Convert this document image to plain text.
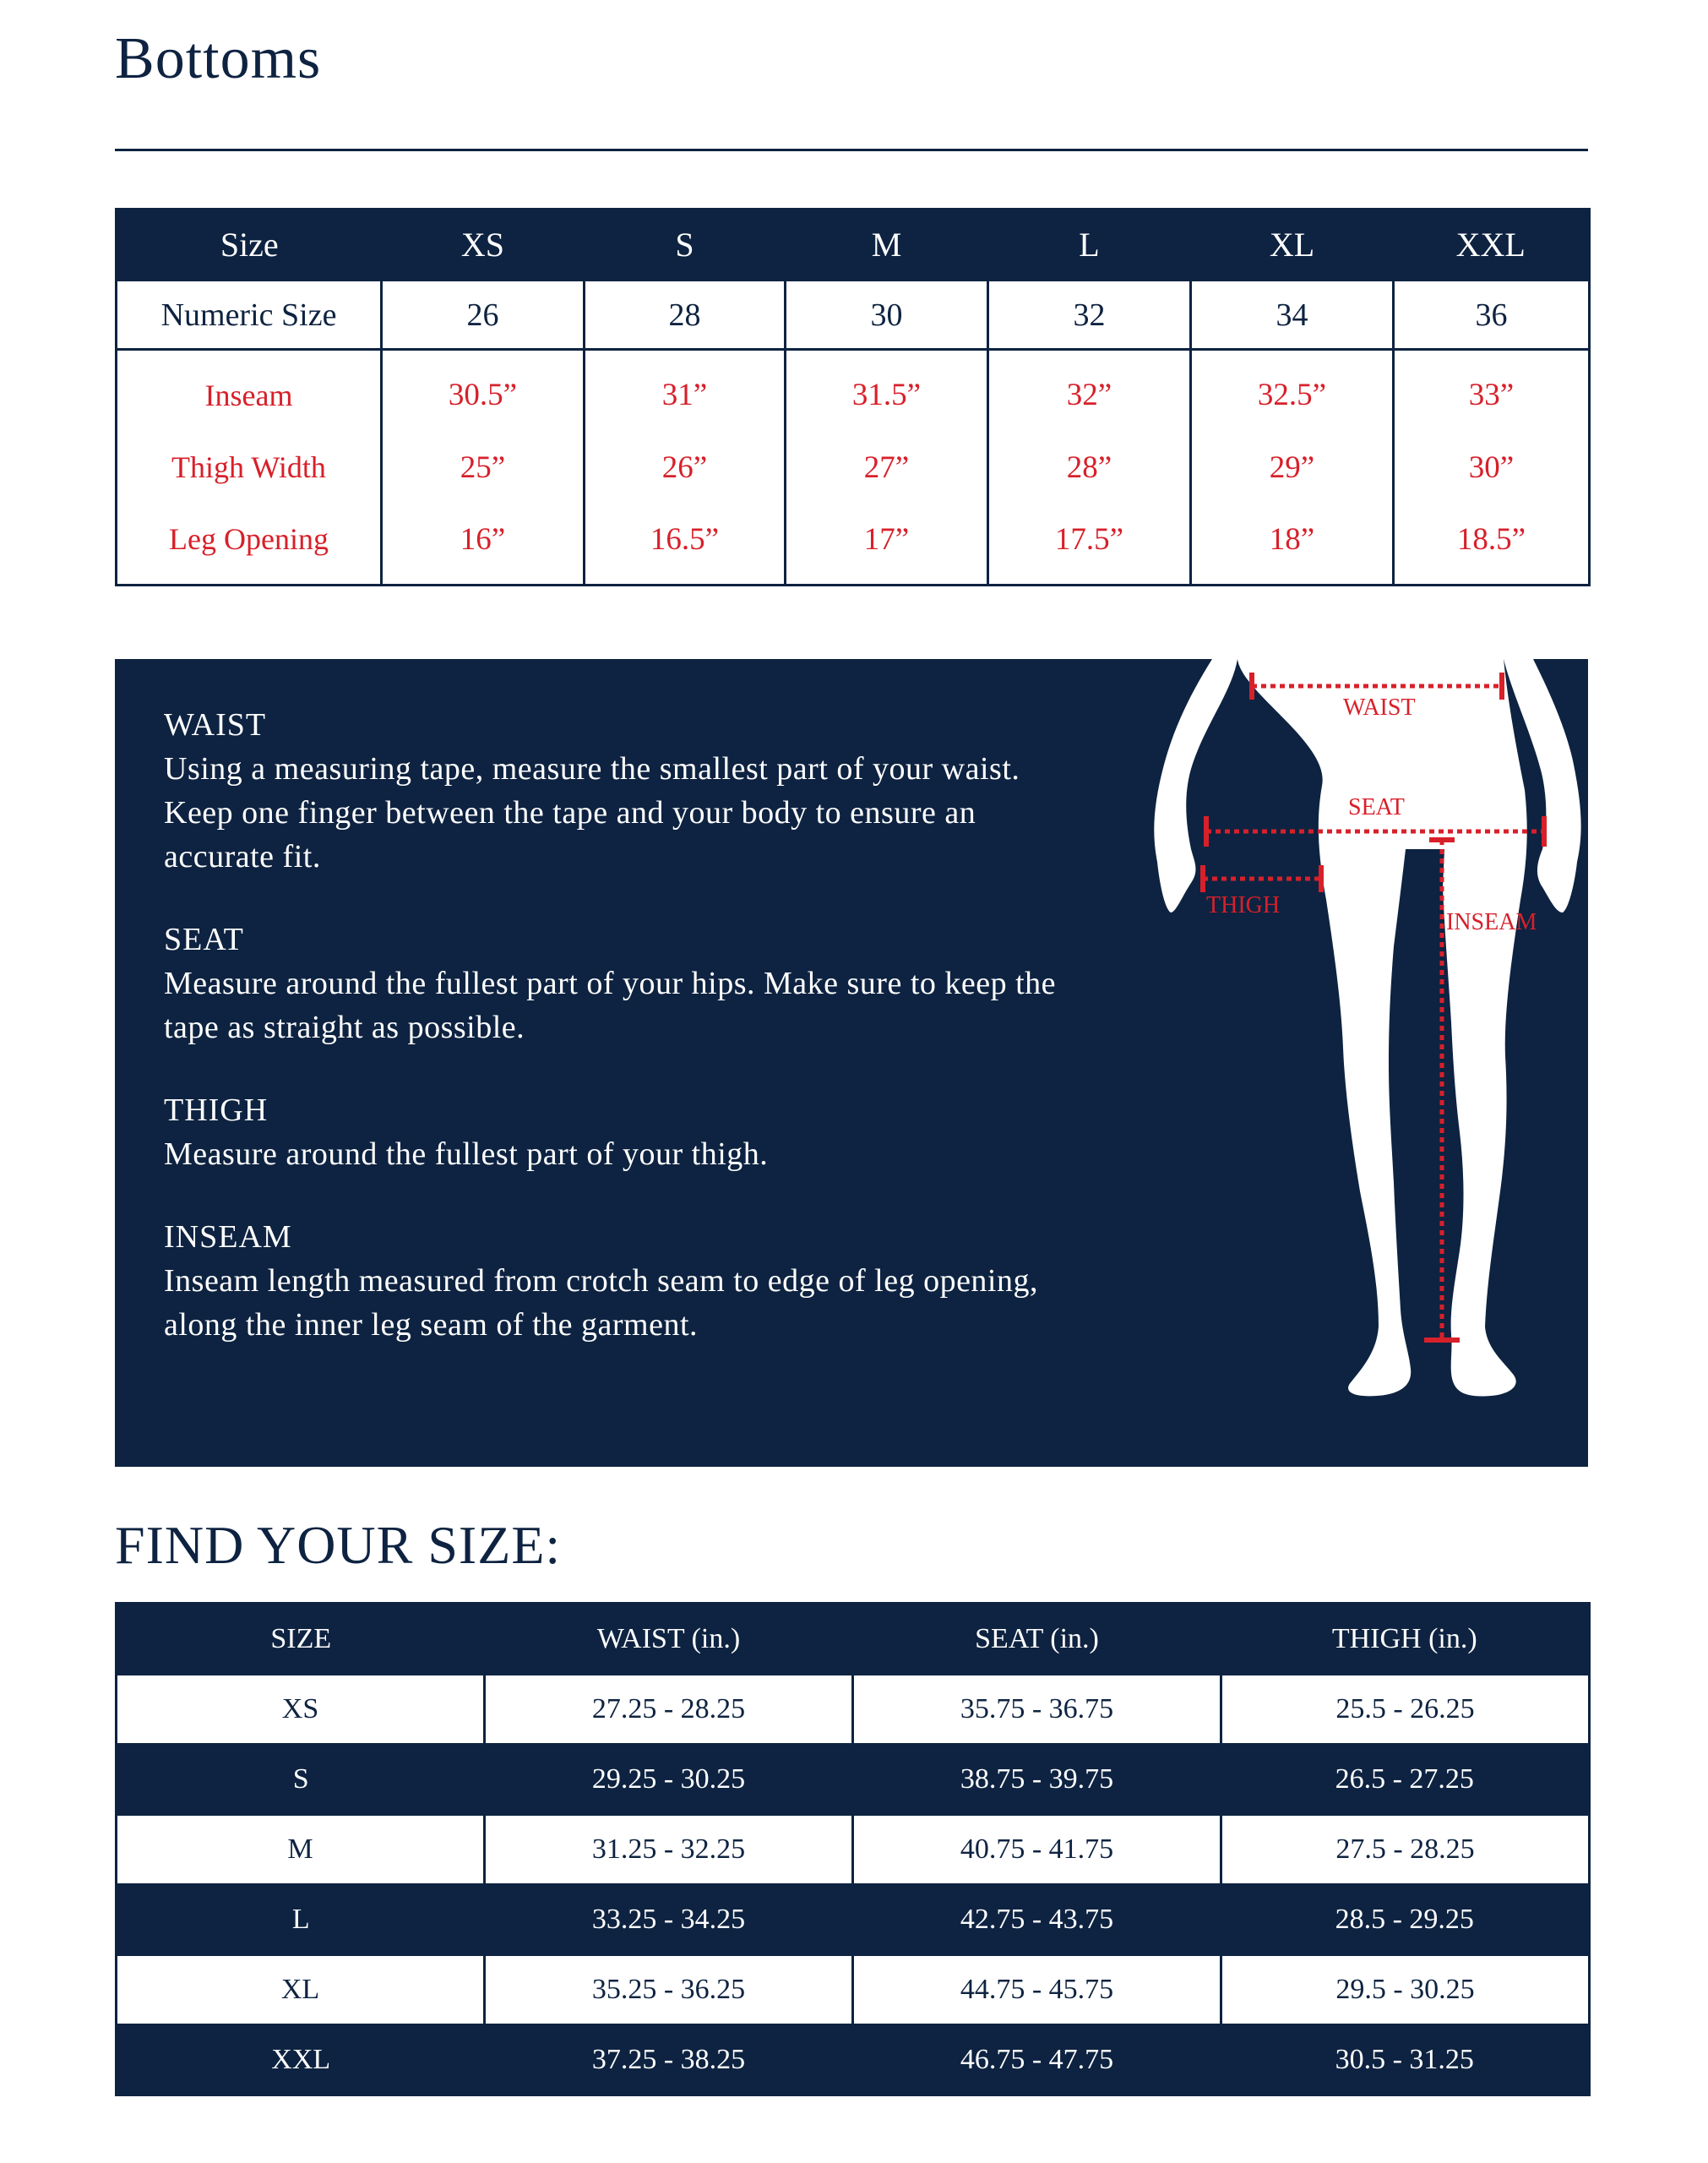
Bottoms
Size	XS	S	M	L	XL	XXL
Numeric Size	26	28	30	32	34	36
Inseam	30.5”	31”	31.5”	32”	32.5”	33”
Thigh Width	25”	26”	27”	28”	29”	30”
Leg Opening	16”	16.5”	17”	17.5”	18”	18.5”
WAIST

Using a measuring tape, measure the smallest part of your waist. Keep one finger between the tape and your body to ensure an accurate fit.

SEAT

Measure around the fullest part of your hips. Make sure to keep the tape as straight as possible.

THIGH

Measure around the fullest part of your thigh.

INSEAM

Inseam length measured from crotch seam to edge of leg opening, along the inner leg seam of the garment.

WAIST
SEAT
THIGH
INSEAM
FIND YOUR SIZE:
SIZE	WAIST (in.)	SEAT (in.)	THIGH (in.)
XS	27.25 - 28.25	35.75 - 36.75	25.5 - 26.25
S	29.25 - 30.25	38.75 - 39.75	26.5 - 27.25
M	31.25 - 32.25	40.75 - 41.75	27.5 - 28.25
L	33.25 - 34.25	42.75 - 43.75	28.5 - 29.25
XL	35.25 - 36.25	44.75 - 45.75	29.5 - 30.25
XXL	37.25 - 38.25	46.75 - 47.75	30.5 - 31.25
